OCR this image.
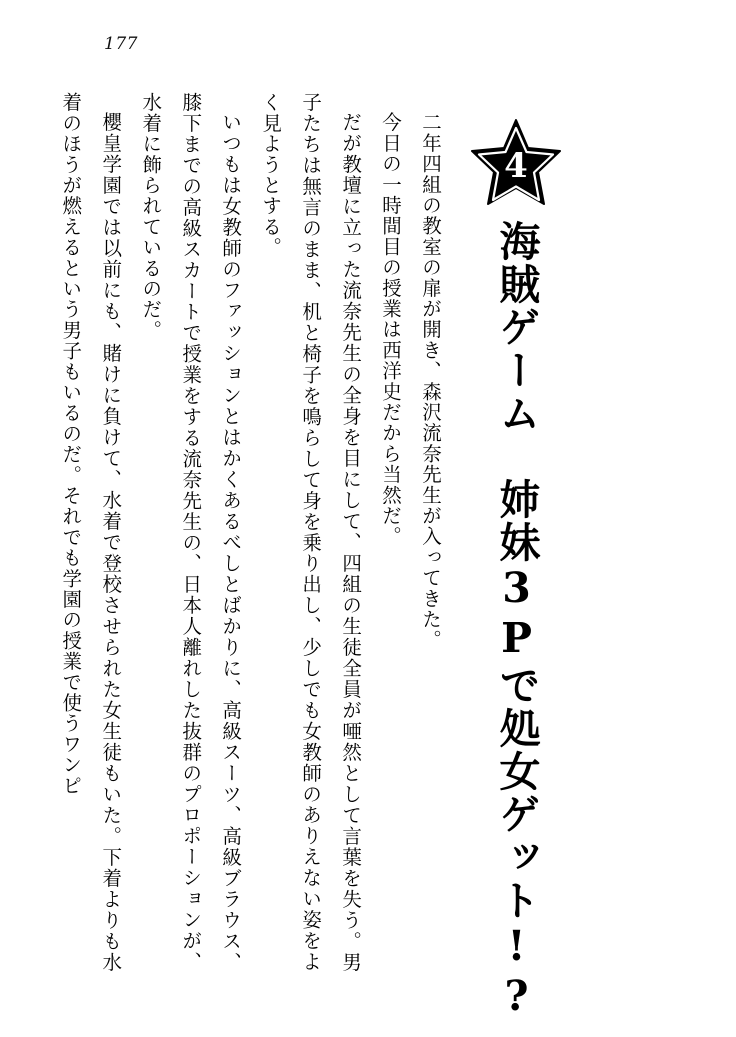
177
4
海賊ゲーム　姉妹3Pで処女ゲット!?

二年四組の教室の扉が開き、森沢流奈先生が入ってきた。

今日の一時間目の授業は西洋史だから当然だ。

だが教壇に立った流奈先生の全身を目にして、四組の生徒全員が唖然として言葉を失う。男子たちは無言のまま、机と椅子を鳴らして身を乗り出し、少しでも女教師のありえない姿をよく見ようとする。

いつもは女教師のファッションとはかくあるべしとばかりに、高級スーツ、高級ブラウス、膝下までの高級スカートで授業をする流奈先生の、日本人離れした抜群のプロポーションが、水着に飾られているのだ。

櫻皇学園では以前にも、賭けに負けて、水着で登校させられた女生徒もいた。下着よりも水着のほうが燃えるという男子もいるのだ。それでも学園の授業で使うワンピ
